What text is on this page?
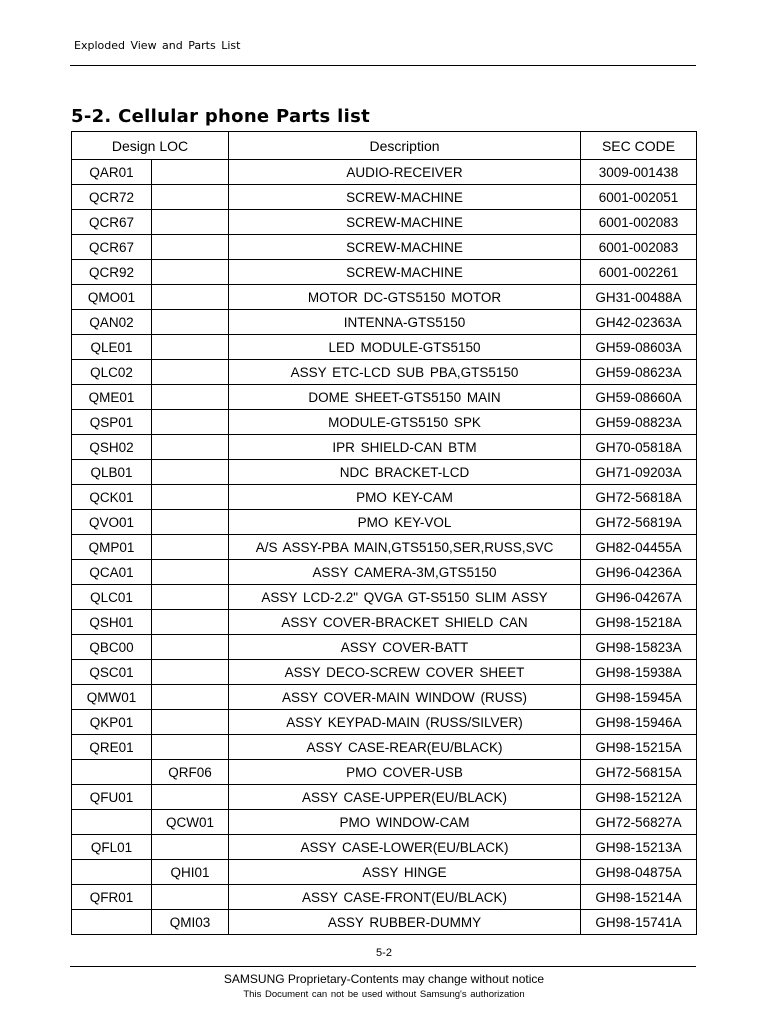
Exploded View and Parts List
5-2. Cellular phone Parts list
Design LOC		Description	SEC CODE
QAR01		AUDIO-RECEIVER	3009-001438
QCR72		SCREW-MACHINE	6001-002051
QCR67		SCREW-MACHINE	6001-002083
QCR67		SCREW-MACHINE	6001-002083
QCR92		SCREW-MACHINE	6001-002261
QMO01		MOTOR DC-GTS5150 MOTOR	GH31-00488A
QAN02		INTENNA-GTS5150	GH42-02363A
QLE01		LED MODULE-GTS5150	GH59-08603A
QLC02		ASSY ETC-LCD SUB PBA,GTS5150	GH59-08623A
QME01		DOME SHEET-GTS5150 MAIN	GH59-08660A
QSP01		MODULE-GTS5150 SPK	GH59-08823A
QSH02		IPR SHIELD-CAN BTM	GH70-05818A
QLB01		NDC BRACKET-LCD	GH71-09203A
QCK01		PMO KEY-CAM	GH72-56818A
QVO01		PMO KEY-VOL	GH72-56819A
QMP01		A/S ASSY-PBA MAIN,GTS5150,SER,RUSS,SVC	GH82-04455A
QCA01		ASSY CAMERA-3M,GTS5150	GH96-04236A
QLC01		ASSY LCD-2.2" QVGA GT-S5150 SLIM ASSY	GH96-04267A
QSH01		ASSY COVER-BRACKET SHIELD CAN	GH98-15218A
QBC00		ASSY COVER-BATT	GH98-15823A
QSC01		ASSY DECO-SCREW COVER SHEET	GH98-15938A
QMW01		ASSY COVER-MAIN WINDOW (RUSS)	GH98-15945A
QKP01		ASSY KEYPAD-MAIN (RUSS/SILVER)	GH98-15946A
QRE01		ASSY CASE-REAR(EU/BLACK)	GH98-15215A
	QRF06	PMO COVER-USB	GH72-56815A
QFU01		ASSY CASE-UPPER(EU/BLACK)	GH98-15212A
	QCW01	PMO WINDOW-CAM	GH72-56827A
QFL01		ASSY CASE-LOWER(EU/BLACK)	GH98-15213A
	QHI01	ASSY HINGE	GH98-04875A
QFR01		ASSY CASE-FRONT(EU/BLACK)	GH98-15214A
	QMI03	ASSY RUBBER-DUMMY	GH98-15741A
5-2
SAMSUNG Proprietary-Contents may change without notice
This Document can not be used without Samsung's authorization
